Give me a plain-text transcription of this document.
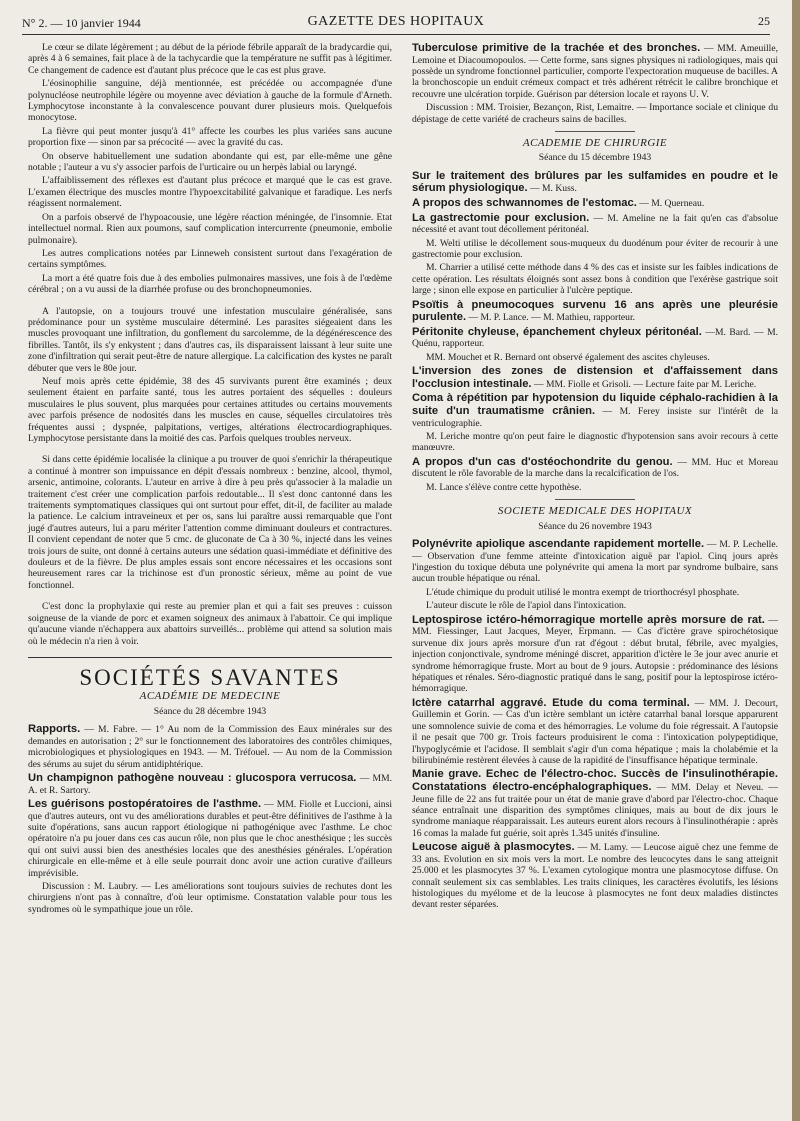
N° 2. — 10 janvier 1944	GAZETTE DES HOPITAUX	25

Le cœur se dilate légèrement ; au début de la période fébrile apparaît de la bradycardie qui, après 4 à 6 semaines, fait place à de la tachycardie que la température ne suffit pas à légitimer. Ce changement de cadence est d'autant plus précoce que le cas est plus grave.

L'éosinophilie sanguine, déjà mentionnée, est précédée ou accompagnée d'une polynucléose neutrophile légère ou moyenne avec déviation à gauche de la formule d'Arneth. Lymphocytose inconstante à la convalescence pouvant durer plusieurs mois. Quelquefois monocytose.

La fièvre qui peut monter jusqu'à 41° affecte les courbes les plus variées sans aucune proportion fixe — sinon par sa précocité — avec la gravité du cas.

On observe habituellement une sudation abondante qui est, par elle-même une gêne notable ; l'auteur a vu s'y associer parfois de l'urticaire ou un herpès labial ou laryngé.

L'affaiblissement des réflexes est d'autant plus précoce et marqué que le cas est grave. L'examen électrique des muscles montre l'hypoexcitabilité galvanique et faradique. Les nerfs réagissent normalement.

On a parfois observé de l'hypoacousie, une légère réaction méningée, de l'insomnie. Etat intellectuel normal. Rien aux poumons, sauf complication intercurrente (pneumonie, embolie pulmonaire).

Les autres complications notées par Linneweh consistent surtout dans l'exagération de certains symptômes.

La mort a été quatre fois due à des embolies pulmonaires massives, une fois à de l'œdème cérébral ; on a vu aussi de la diarrhée profuse ou des bronchopneumonies.

A l'autopsie, on a toujours trouvé une infestation musculaire généralisée, sans prédominance pour un système musculaire déterminé. Les parasites siégeaient dans les muscles provoquant une infiltration, du gonflement du sarcolemme, de la dégénérescence des fibrilles. Tantôt, ils s'y enkystent ; dans d'autres cas, ils disparaissent laissant à leur suite une zone d'infiltration qui serait peut-être de nature allergique. La calcification des kystes ne paraît débuter que vers le 80e jour.

Neuf mois après cette épidémie, 38 des 45 survivants purent être examinés ; deux seulement étaient en parfaite santé, tous les autres portaient des séquelles : douleurs musculaires le plus souvent, plus marquées pour certaines attitudes ou certains mouvements avec parfois présence de nodosités dans les muscles en cause, séquelles circulatoires très fréquentes aussi ; dyspnée, palpitations, vertiges, altérations électrocardiographiques. Lymphocytose persistante dans la moitié des cas. Parfois quelques troubles nerveux.

Si dans cette épidémie localisée la clinique a pu trouver de quoi s'enrichir la thérapeutique a continué à montrer son impuissance en dépit d'essais nombreux : benzine, alcool, thymol, arsenic, antimoine, colorants. L'auteur en arrive à dire à peu près qu'associer à la maladie un traitement c'est créer une complication parfois redoutable... Il s'est donc cantonné dans les traitements symptomatiques classiques qui ont surtout pour effet, dit-il, de faciliter au malade la patience. Le calcium intraveineux et per os, sans lui paraître aussi remarquable que l'ont jugé d'autres auteurs, lui a paru mériter l'attention comme diminuant douleurs et contractures. Il convient cependant de noter que 5 cmc. de gluconate de Ca à 30 %, injecté dans les veines trois jours de suite, ont donné à certains auteurs une sédation quasi-immédiate et définitive des douleurs et de la fièvre. De plus amples essais sont encore nécessaires et les occasions sont heureusement rares car la trichinose est d'un pronostic sérieux, même au point de vue fonctionnel.

C'est donc la prophylaxie qui reste au premier plan et qui a fait ses preuves : cuisson soigneuse de la viande de porc et examen soigneux des animaux à l'abattoir. Ce qui implique qu'aucune viande n'échappera aux abattoirs surveillés... problème qui attend sa solution mais où le médecin n'a rien à voir.

SOCIÉTÉS SAVANTES
ACADÉMIE DE MEDECINE
Séance du 28 décembre 1943

Rapports. — M. Fabre. — 1° Au nom de la Commission des Eaux minérales sur des demandes en autorisation ; 2° sur le fonctionnement des laboratoires des contrôles chimiques, microbiologiques et physiologiques en 1943. — M. Tréfouel. — Au nom de la Commission des sérums au sujet du sérum antidiphtérique.

Un champignon pathogène nouveau : glucospora verrucosa. — MM. A. et R. Sartory.

Les guérisons postopératoires de l'asthme. — MM. Fiolle et Luccioni, ainsi que d'autres auteurs, ont vu des améliorations durables et peut-être définitives de l'asthme à la suite d'opérations, sans aucun rapport étiologique ni pathogénique avec l'asthme. Le choc opératoire n'a pu jouer dans ces cas aucun rôle, non plus que le choc anesthésique ; les succès qui ont suivi aussi bien des anesthésies locales que des anesthésies générales. L'opération chirurgicale en elle-même et à elle seule pourrait donc avoir une action curative d'ailleurs imprévisible.

Discussion : M. Laubry. — Les améliorations sont toujours suivies de rechutes dont les chirurgiens n'ont pas à connaître, d'où leur optimisme. Constatation valable pour tous les syndromes où le sympathique joue un rôle.

Tuberculose primitive de la trachée et des bronches. — MM. Ameuille, Lemoine et Diacoumopoulos. — Cette forme, sans signes physiques ni radiologiques, mais qui possède un syndrome fonctionnel particulier, comporte l'expectoration muqueuse de bacilles. A la bronchoscopie un enduit crémeux compact et très adhérent rétrécit le calibre bronchique et recouvre une ulcération torpide. Guérison par détersion locale et rayons U. V.

Discussion : MM. Troisier, Bezançon, Rist, Lemaitre. — Importance sociale et clinique du dépistage de cette variété de cracheurs sains de bacilles.

ACADEMIE DE CHIRURGIE
Séance du 15 décembre 1943

Sur le traitement des brûlures par les sulfamides en poudre et le sérum physiologique. — M. Kuss.

A propos des schwannomes de l'estomac. — M. Querneau.

La gastrectomie pour exclusion. — M. Ameline ne la fait qu'en cas d'absolue nécessité et avant tout décollement péritonéal.

M. Welti utilise le décollement sous-muqueux du duodénum pour éviter de recourir à une gastrectomie pour exclusion.

M. Charrier a utilisé cette méthode dans 4 % des cas et insiste sur les faibles indications de cette opération. Les résultats éloignés sont assez bons à condition que l'exérèse gastrique soit large ; sinon elle expose en particulier à l'ulcère peptique.

Psoïtis à pneumocoques survenu 16 ans après une pleurésie purulente. — M. P. Lance. — M. Mathieu, rapporteur.

Péritonite chyleuse, épanchement chyleux péritonéal. —M. Bard. — M. Quénu, rapporteur.

MM. Mouchet et R. Bernard ont observé également des ascites chyleuses.

L'inversion des zones de distension et d'affaissement dans l'occlusion intestinale. — MM. Fiolle et Grisoli. — Lecture faite par M. Leriche.

Coma à répétition par hypotension du liquide céphalo-rachidien à la suite d'un traumatisme crânien. — M. Ferey insiste sur l'intérêt de la ventriculographie.

M. Leriche montre qu'on peut faire le diagnostic d'hypotension sans avoir recours à cette manœuvre.

A propos d'un cas d'ostéochondrite du genou. — MM. Huc et Moreau discutent le rôle favorable de la marche dans la recalcification de l'os.

M. Lance s'élève contre cette hypothèse.

SOCIETE MEDICALE DES HOPITAUX
Séance du 26 novembre 1943

Polynévrite apiolique ascendante rapidement mortelle. — M. P. Lechelle. — Observation d'une femme atteinte d'intoxication aiguë par l'apiol. Cinq jours après l'ingestion du toxique débuta une polynévrite qui amena la mort par syndrome bulbaire, sans aucun trouble hépatique ou rénal.

L'étude chimique du produit utilisé le montra exempt de triorthocrésyl phosphate.

L'auteur discute le rôle de l'apiol dans l'intoxication.

Leptospirose ictéro-hémorragique mortelle après morsure de rat. — MM. Fiessinger, Laut Jacques, Meyer, Erpmann. — Cas d'ictère grave spirochétosique survenue dix jours après morsure d'un rat d'égout : début brutal, fébrile, avec myalgies, injection conjonctivale, syndrome méningé discret, apparition d'ictère le 3e jour avec anurie et syndrome hémorragique fruste. Mort au bout de 9 jours. Autopsie : prédominance des lésions hépatiques et rénales. Séro-diagnostic pratiqué dans le sang, positif pour la leptospirose ictéro-hémorragique.

Ictère catarrhal aggravé. Etude du coma terminal. — MM. J. Decourt, Guillemin et Gorin. — Cas d'un ictère semblant un ictère catarrhal banal lorsque apparurent une somnolence suivie de coma et des hémorragies. Le volume du foie régressait. A l'autopsie il ne pesait que 700 gr. Trois facteurs produisirent le coma : l'intoxication polypeptidique, l'hypoglycémie et l'acidose. Il semblait s'agir d'un coma hépatique ; mais la cholabémie et la bilirubinémie restèrent élevées à cause de la rapidité de l'insuffisance hépatique terminale.

Manie grave. Echec de l'électro-choc. Succès de l'insulinothérapie. Constatations électro-encéphalographiques. — MM. Delay et Neveu. — Jeune fille de 22 ans fut traitée pour un état de manie grave d'abord par l'électro-choc. Chaque séance entraînait une disparition des symptômes cliniques, mais au bout de dix jours le syndrome maniaque réapparaissait. Les auteurs eurent alors recours à l'insulinothérapie : après 16 comas la malade fut guérie, soit après 1.345 unités d'insuline.

Leucose aiguë à plasmocytes. — M. Lamy. — Leucose aiguë chez une femme de 33 ans. Evolution en six mois vers la mort. Le nombre des leucocytes dans le sang atteignit 25.000 et les plasmocytes 37 %. L'examen cytologique montra une plasmocytose diffuse. On connaît seulement six cas semblables. Les traits cliniques, les caractères évolutifs, les lésions histologiques du myélome et de la leucose à plasmocytes ne font deux maladies distinctes devant rester séparées.
